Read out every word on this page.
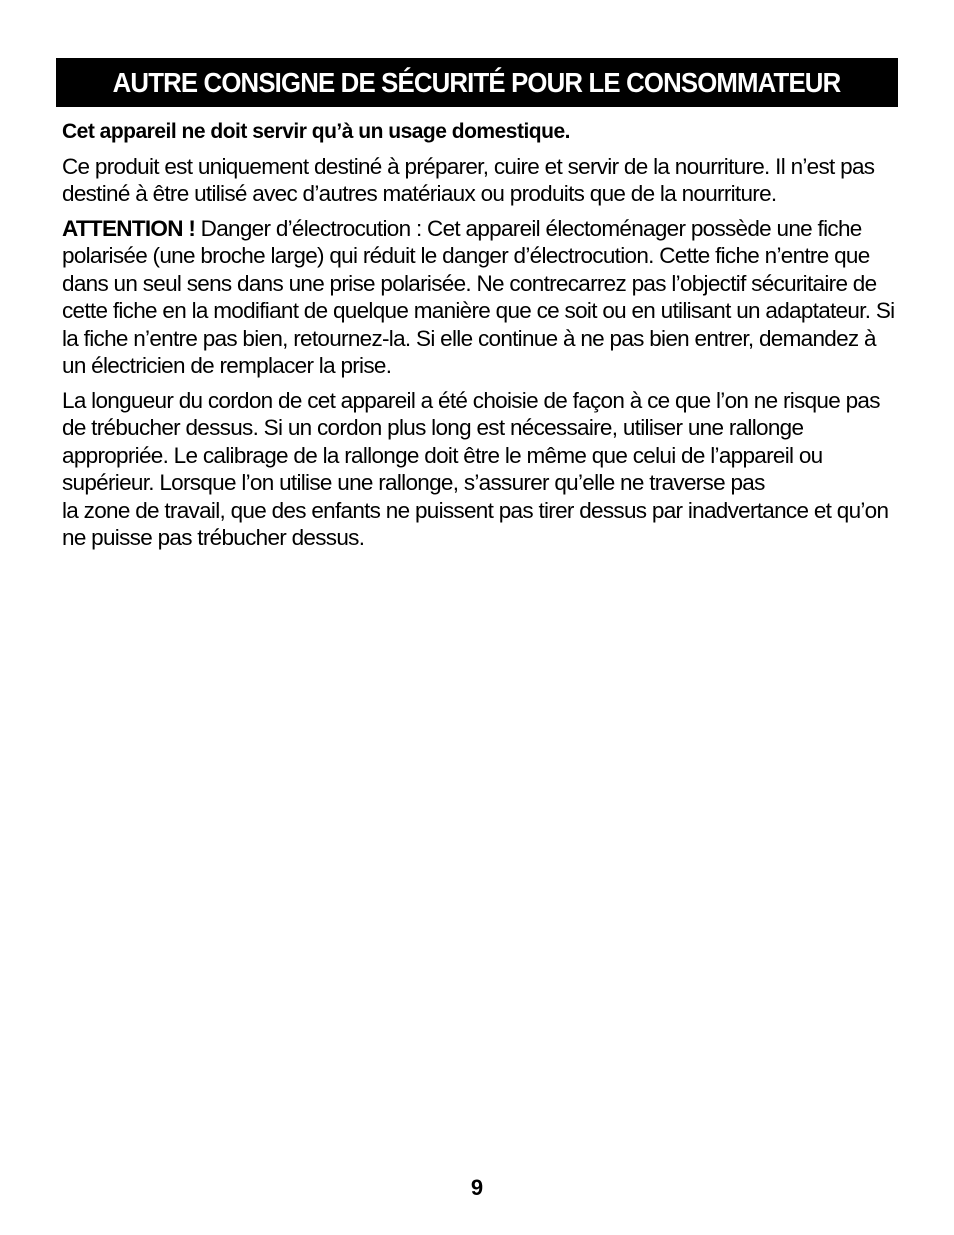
AUTRE CONSIGNE DE SÉCURITÉ POUR LE CONSOMMATEUR

Cet appareil ne doit servir qu’à un usage domestique.

Ce produit est uniquement destiné à préparer, cuire et servir de la nourriture. Il n’est pas destiné à être utilisé avec d’autres matériaux ou produits que de la nourriture.

ATTENTION ! Danger d’électrocution : Cet appareil électoménager possède une fiche polarisée (une broche large) qui réduit le danger d’électrocution. Cette fiche n’entre que dans un seul sens dans une prise polarisée. Ne contrecarrez pas l’objectif sécuritaire de cette fiche en la modifiant de quelque manière que ce soit ou en utilisant un adaptateur. Si la fiche n’entre pas bien, retournez-la. Si elle continue à ne pas bien entrer, demandez à un électricien de remplacer la prise.

La longueur du cordon de cet appareil a été choisie de façon à ce que l’on ne risque pas de trébucher dessus. Si un cordon plus long est nécessaire, utiliser une rallonge appropriée. Le calibrage de la rallonge doit être le même que celui de l’appareil ou supérieur. Lorsque l’on utilise une rallonge, s’assurer qu’elle ne traverse pas
la zone de travail, que des enfants ne puissent pas tirer dessus par inadvertance et qu’on ne puisse pas trébucher dessus.

9
